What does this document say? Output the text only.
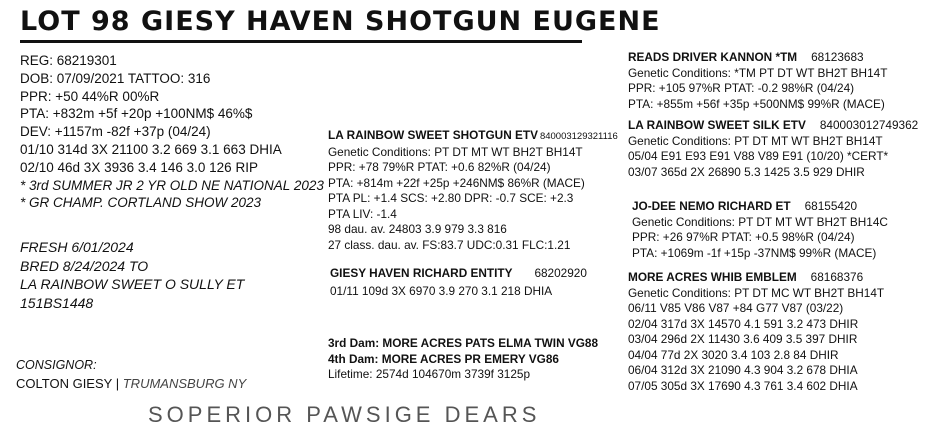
LOT 98 GIESY HAVEN SHOTGUN EUGENE
REG: 68219301
DOB: 07/09/2021 TATTOO: 316
PPR: +50 44%R 00%R
PTA: +832m +5f +20p +100NM$ 46%$
DEV: +1157m -82f +37p (04/24)
01/10 314d 3X 21100 3.2 669 3.1 663 DHIA
02/10 46d 3X 3936 3.4 146 3.0 126 RIP
* 3rd SUMMER JR 2 YR OLD NE NATIONAL 2023
* GR CHAMP. CORTLAND SHOW 2023
FRESH 6/01/2024
BRED 8/24/2024 TO
LA RAINBOW SWEET O SULLY ET
151BS1448
CONSIGNOR:
COLTON GIESY | TRUMANSBURG NY
SOPERIOR PAWSIGE DEARS
LA RAINBOW SWEET SHOTGUN ETV 840003129321116
Genetic Conditions: PT DT MT WT BH2T BH14T
PPR: +78 79%R PTAT: +0.6 82%R (04/24)
PTA: +814m +22f +25p +246NM$ 86%R (MACE)
PTA PL: +1.4 SCS: +2.80 DPR: -0.7 SCE: +2.3
PTA LIV: -1.4
98 dau. av. 24803 3.9 979 3.3 816
27 class. dau. av. FS:83.7 UDC:0.31 FLC:1.21
GIESY HAVEN RICHARD ENTITY 68202920
01/11 109d 3X 6970 3.9 270 3.1 218 DHIA
3rd Dam: MORE ACRES PATS ELMA TWIN VG88
4th Dam: MORE ACRES PR EMERY VG86
Lifetime: 2574d 104670m 3739f 3125p
READS DRIVER KANNON *TM 68123683
Genetic Conditions: *TM PT DT WT BH2T BH14T
PPR: +105 97%R PTAT: -0.2 98%R (04/24)
PTA: +855m +56f +35p +500NM$ 99%R (MACE)
LA RAINBOW SWEET SILK ETV 840003012749362
Genetic Conditions: PT DT MT WT BH2T BH14T
05/04 E91 E93 E91 V88 V89 E91 (10/20) *CERT*
03/07 365d 2X 26890 5.3 1425 3.5 929 DHIR
JO-DEE NEMO RICHARD ET 68155420
Genetic Conditions: PT DT MT WT BH2T BH14C
PPR: +26 97%R PTAT: +0.5 98%R (04/24)
PTA: +1069m -1f +15p -37NM$ 99%R (MACE)
MORE ACRES WHIB EMBLEM 68168376
Genetic Conditions: PT DT MC WT BH2T BH14T
06/11 V85 V86 V87 +84 G77 V87 (03/22)
02/04 317d 3X 14570 4.1 591 3.2 473 DHIR
03/04 296d 2X 11430 3.6 409 3.5 397 DHIR
04/04 77d 2X 3020 3.4 103 2.8 84 DHIR
06/04 312d 3X 21090 4.3 904 3.2 678 DHIA
07/05 305d 3X 17690 4.3 761 3.4 602 DHIA
